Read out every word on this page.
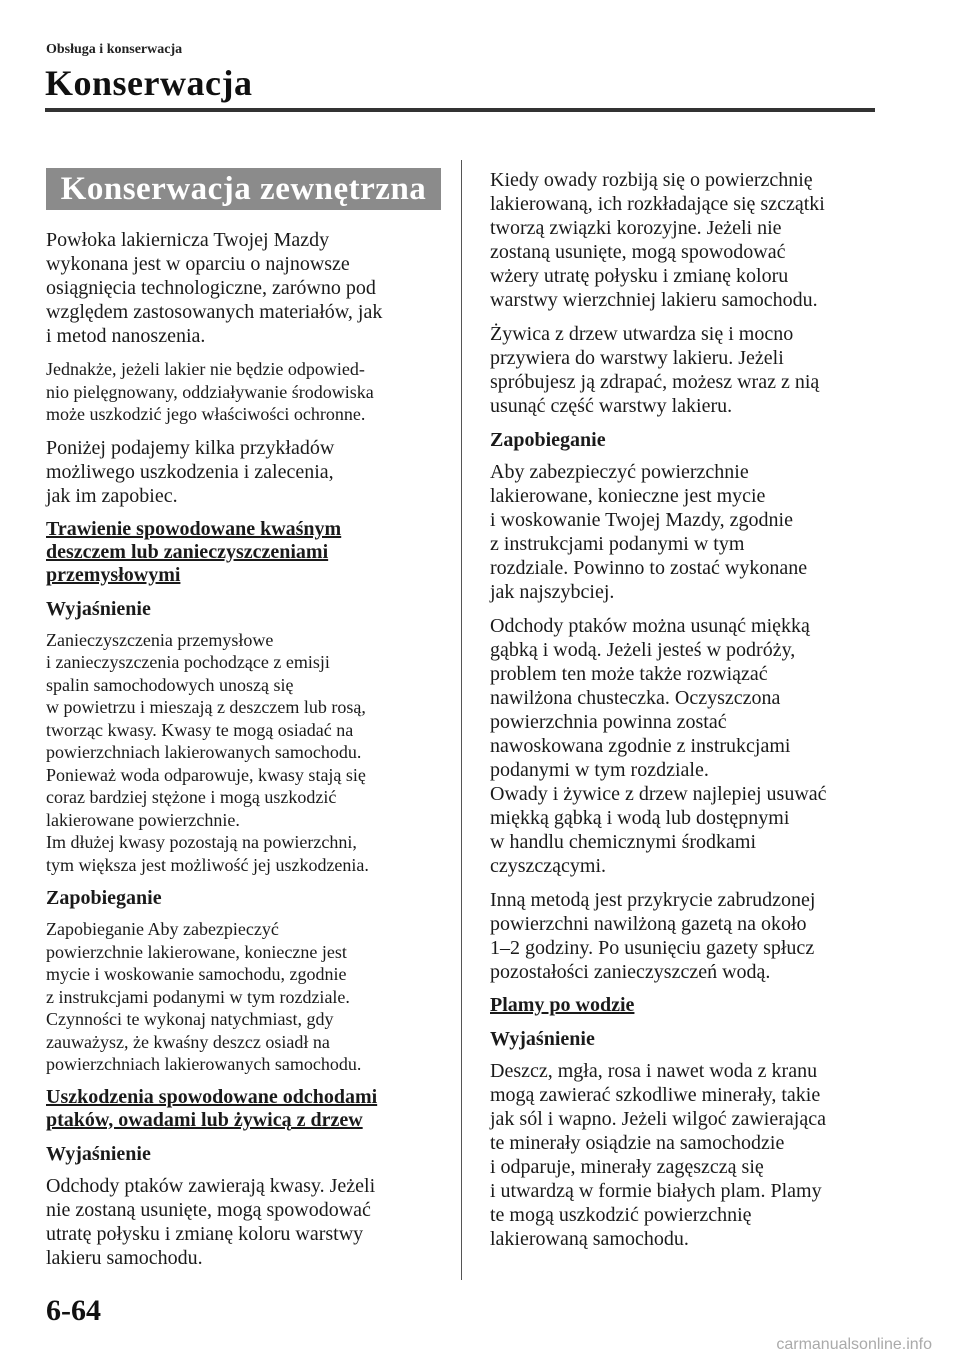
Obsługa i konserwacja
Konserwacja
Konserwacja zewnętrzna

Powłoka lakiernicza Twojej Mazdy
wykonana jest w oparciu o najnowsze
osiągnięcia technologiczne, zarówno pod
względem zastosowanych materiałów, jak
i metod nanoszenia.

Jednakże, jeżeli lakier nie będzie odpowied-
nio pielęgnowany, oddziaływanie środowiska
może uszkodzić jego właściwości ochronne.

Poniżej podajemy kilka przykładów
możliwego uszkodzenia i zalecenia,
jak im zapobiec.

Trawienie spowodowane kwaśnym
deszczem lub zanieczyszczeniami
przemysłowymi
Wyjaśnienie

Zanieczyszczenia przemysłowe
i zanieczyszczenia pochodzące z emisji
spalin samochodowych unoszą się
w powietrzu i mieszają z deszczem lub rosą,
tworząc kwasy. Kwasy te mogą osiadać na
powierzchniach lakierowanych samochodu.
Ponieważ woda odparowuje, kwasy stają się
coraz bardziej stężone i mogą uszkodzić
lakierowane powierzchnie.
Im dłużej kwasy pozostają na powierzchni,
tym większa jest możliwość jej uszkodzenia.

Zapobieganie

Zapobieganie Aby zabezpieczyć
powierzchnie lakierowane, konieczne jest
mycie i woskowanie samochodu, zgodnie
z instrukcjami podanymi w tym rozdziale.
Czynności te wykonaj natychmiast, gdy
zauważysz, że kwaśny deszcz osiadł na
powierzchniach lakierowanych samochodu.

Uszkodzenia spowodowane odchodami
ptaków, owadami lub żywicą z drzew
Wyjaśnienie

Odchody ptaków zawierają kwasy. Jeżeli
nie zostaną usunięte, mogą spowodować
utratę połysku i zmianę koloru warstwy
lakieru samochodu.

Kiedy owady rozbiją się o powierzchnię
lakierowaną, ich rozkładające się szczątki
tworzą związki korozyjne. Jeżeli nie
zostaną usunięte, mogą spowodować
wżery utratę połysku i zmianę koloru
warstwy wierzchniej lakieru samochodu.

Żywica z drzew utwardza się i mocno
przywiera do warstwy lakieru. Jeżeli
spróbujesz ją zdrapać, możesz wraz z nią
usunąć część warstwy lakieru.

Zapobieganie

Aby zabezpieczyć powierzchnie
lakierowane, konieczne jest mycie
i woskowanie Twojej Mazdy, zgodnie
z instrukcjami podanymi w tym
rozdziale. Powinno to zostać wykonane
jak najszybciej.

Odchody ptaków można usunąć miękką
gąbką i wodą. Jeżeli jesteś w podróży,
problem ten może także rozwiązać
nawilżona chusteczka. Oczyszczona
powierzchnia powinna zostać
nawoskowana zgodnie z instrukcjami
podanymi w tym rozdziale.
Owady i żywice z drzew najlepiej usuwać
miękką gąbką i wodą lub dostępnymi
w handlu chemicznymi środkami
czyszczącymi.

Inną metodą jest przykrycie zabrudzonej
powierzchni nawilżoną gazetą na około
1–2 godziny. Po usunięciu gazety spłucz
pozostałości zanieczyszczeń wodą.

Plamy po wodzie
Wyjaśnienie

Deszcz, mgła, rosa i nawet woda z kranu
mogą zawierać szkodliwe minerały, takie
jak sól i wapno. Jeżeli wilgoć zawierająca
te minerały osiądzie na samochodzie
i odparuje, minerały zagęszczą się
i utwardzą w formie białych plam. Plamy
te mogą uszkodzić powierzchnię
lakierowaną samochodu.

6-64
carmanualsonline.info
